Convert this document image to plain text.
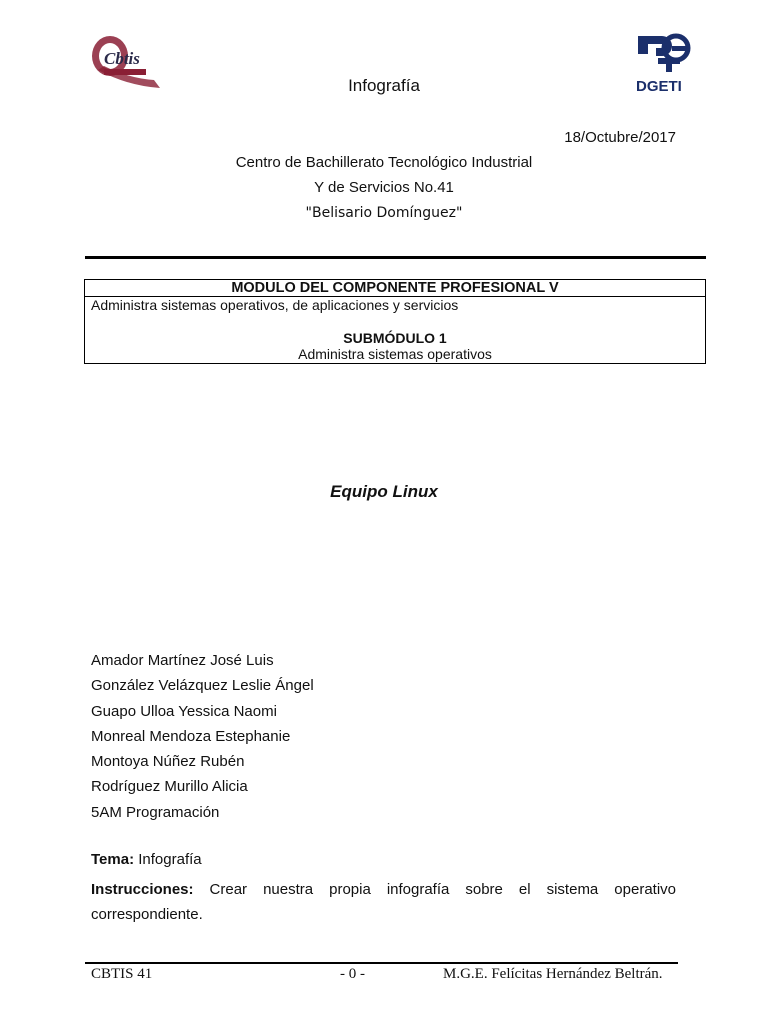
Cbtis
DGETI
Infografía
18/Octubre/2017
Centro de Bachillerato Tecnológico Industrial
Y de Servicios No.41
"Belisario Domínguez"
MODULO DEL COMPONENTE PROFESIONAL V
Administra sistemas operativos, de aplicaciones y servicios
SUBMÓDULO 1
Administra sistemas operativos
Equipo Linux
Amador Martínez José Luis
González Velázquez Leslie Ángel
Guapo Ulloa Yessica Naomi
Monreal Mendoza Estephanie
Montoya Núñez Rubén
Rodríguez Murillo Alicia
5AM Programación
Tema: Infografía
Instrucciones: Crear nuestra propia infografía sobre el sistema operativo correspondiente.
CBTIS 41	- 0 -	M.G.E. Felícitas Hernández Beltrán.
